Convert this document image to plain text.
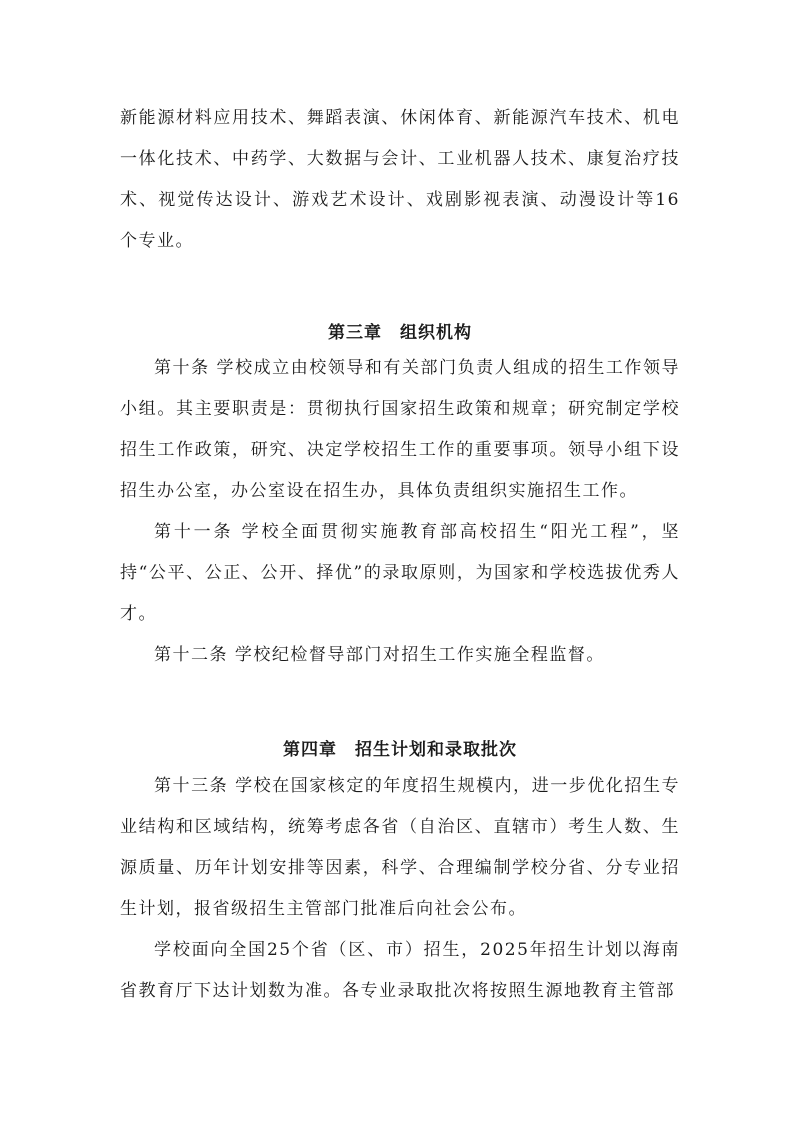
新能源材料应用技术、舞蹈表演、休闲体育、新能源汽车技术、机电一体化技术、中药学、大数据与会计、工业机器人技术、康复治疗技术、视觉传达设计、游戏艺术设计、戏剧影视表演、动漫设计等16个专业。

第三章　组织机构

第十条 学校成立由校领导和有关部门负责人组成的招生工作领导小组。其主要职责是：贯彻执行国家招生政策和规章；研究制定学校招生工作政策，研究、决定学校招生工作的重要事项。领导小组下设招生办公室，办公室设在招生办，具体负责组织实施招生工作。

第十一条 学校全面贯彻实施教育部高校招生“阳光工程”，坚持“公平、公正、公开、择优”的录取原则，为国家和学校选拔优秀人才。

第十二条 学校纪检督导部门对招生工作实施全程监督。

第四章　招生计划和录取批次

第十三条 学校在国家核定的年度招生规模内，进一步优化招生专业结构和区域结构，统筹考虑各省（自治区、直辖市）考生人数、生源质量、历年计划安排等因素，科学、合理编制学校分省、分专业招生计划，报省级招生主管部门批准后向社会公布。

学校面向全国25个省（区、市）招生，2025年招生计划以海南省教育厅下达计划数为准。各专业录取批次将按照生源地教育主管部
